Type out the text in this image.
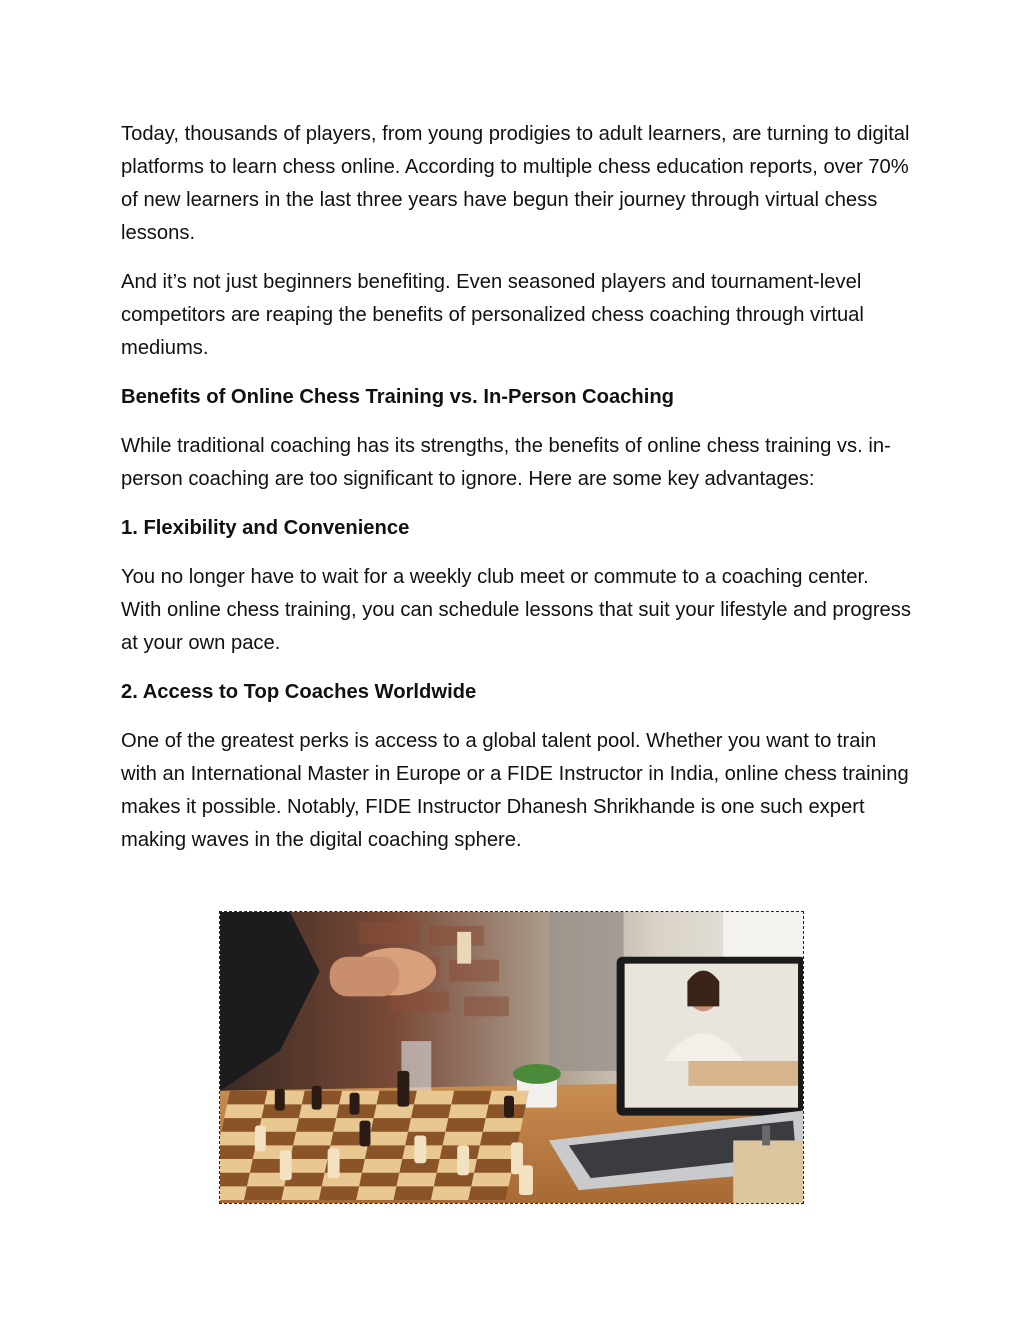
Today, thousands of players, from young prodigies to adult learners, are turning to digital platforms to learn chess online. According to multiple chess education reports, over 70% of new learners in the last three years have begun their journey through virtual chess lessons.

And it’s not just beginners benefiting. Even seasoned players and tournament-level competitors are reaping the benefits of personalized chess coaching through virtual mediums.

Benefits of Online Chess Training vs. In-Person Coaching

While traditional coaching has its strengths, the benefits of online chess training vs. in-person coaching are too significant to ignore. Here are some key advantages:

1. Flexibility and Convenience

You no longer have to wait for a weekly club meet or commute to a coaching center. With online chess training, you can schedule lessons that suit your lifestyle and progress at your own pace.

2. Access to Top Coaches Worldwide

One of the greatest perks is access to a global talent pool. Whether you want to train with an International Master in Europe or a FIDE Instructor in India, online chess training makes it possible. Notably, FIDE Instructor Dhanesh Shrikhande is one such expert making waves in the digital coaching sphere.
